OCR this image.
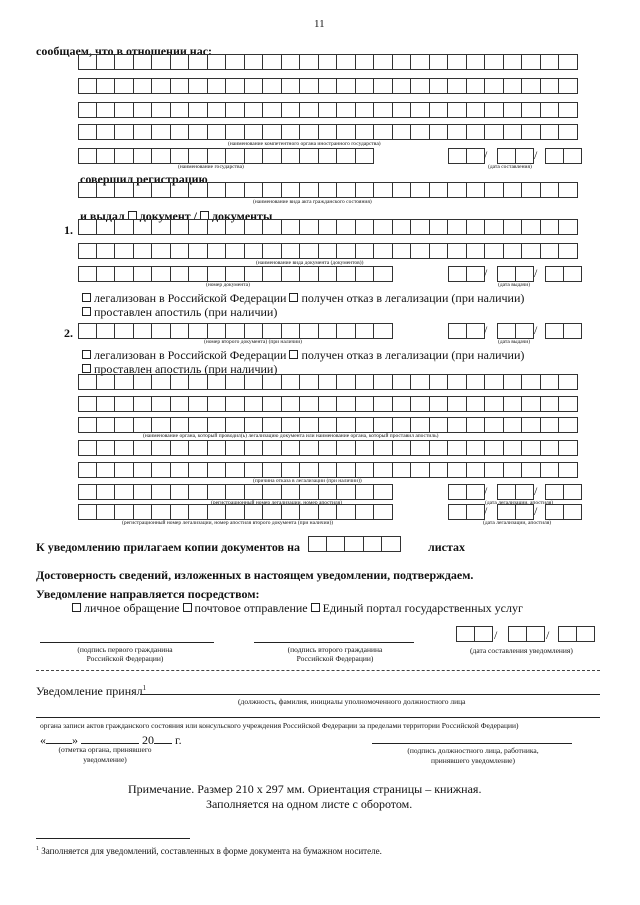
11
сообщаем, что в отношении нас:
(наименование компетентного органа иностранного государства)
(наименование государства)
/	/
(дата составления)
совершил регистрацию
(наименование вида акта гражданского состояния)
и выдал документ / документы
1.
(наименование вида документа (документов))
(номер документа)
/	/
(дата выдачи)
легализован в Российской Федерации получен отказ в легализации (при наличии)
проставлен апостиль (при наличии)
2.
(номер второго документа) (при наличии)
/	/
(дата выдачи)
легализован в Российской Федерации получен отказ в легализации (при наличии)
проставлен апостиль (при наличии)
(наименование органа, который проводил(ь) легализацию документа или наименование органа, который проставил апостиль)
(причина отказа в легализации (при наличии))
(регистрационный номер легализации, номер апостиля)
/	/
(дата легализации, апостиля)
(регистрационный номер легализации, номер апостиля второго документа (при наличии))
/	/
(дата легализации, апостиля)
К уведомлению прилагаем копии документов на	листах
Достоверность сведений, изложенных в настоящем уведомлении, подтверждаем.
Уведомление направляется посредством:
личное обращение почтовое отправление Единый портал государственных услуг
(подпись первого гражданина Российской Федерации)
(подпись второго гражданина Российской Федерации)
/	/
(дата составления уведомления)
Уведомление принял$^1$
(должность, фамилия, инициалы уполномоченного должностного лица
органа записи актов гражданского состояния или консульского учреждения Российской Федерации за пределами территории Российской Федерации)
« »	20 г.
(отметка органа, принявшего уведомление)
(подпись должностного лица, работника, принявшего уведомление)
Примечание. Размер 210 x 297 мм. Ориентация страницы – книжная.
Заполняется на одном листе с оборотом.
$^1$ Заполняется для уведомлений, составленных в форме документа на бумажном носителе.
